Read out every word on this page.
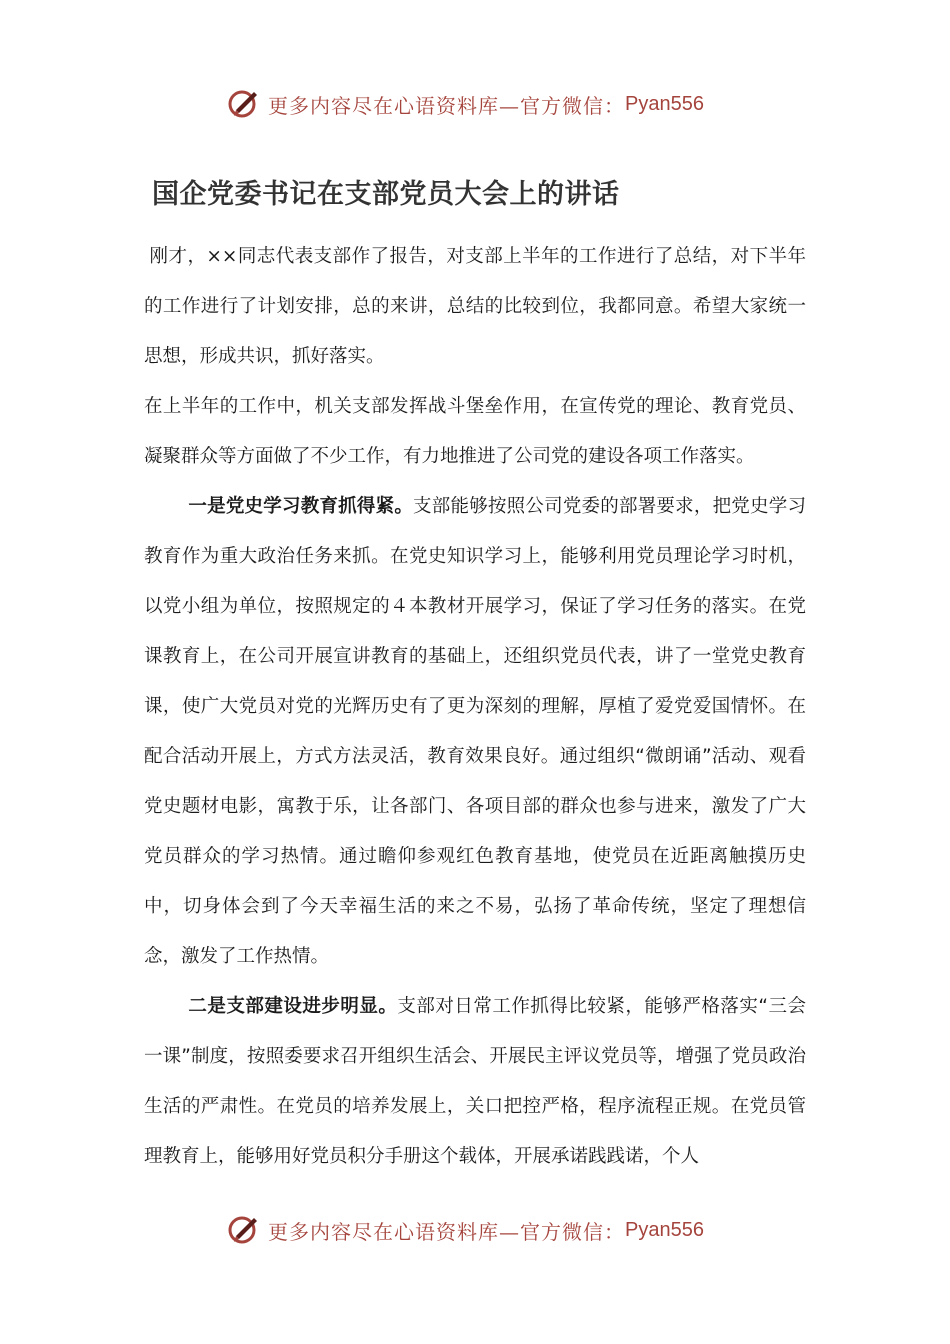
更多内容尽在心语资料库—官方微信： Pyan556
国企党委书记在支部党员大会上的讲话

刚才，××同志代表支部作了报告，对支部上半年的工作进行了总结，对下半年的工作进行了计划安排，总的来讲，总结的比较到位，我都同意。希望大家统一思想，形成共识，抓好落实。

在上半年的工作中，机关支部发挥战斗堡垒作用，在宣传党的理论、教育党员、凝聚群众等方面做了不少工作，有力地推进了公司党的建设各项工作落实。

一是党史学习教育抓得紧。支部能够按照公司党委的部署要求，把党史学习教育作为重大政治任务来抓。在党史知识学习上，能够利用党员理论学习时机，以党小组为单位，按照规定的４本教材开展学习，保证了学习任务的落实。在党课教育上，在公司开展宣讲教育的基础上，还组织党员代表，讲了一堂党史教育课，使广大党员对党的光辉历史有了更为深刻的理解，厚植了爱党爱国情怀。在配合活动开展上，方式方法灵活，教育效果良好。通过组织“微朗诵”活动、观看党史题材电影，寓教于乐，让各部门、各项目部的群众也参与进来，激发了广大党员群众的学习热情。通过瞻仰参观红色教育基地，使党员在近距离触摸历史中，切身体会到了今天幸福生活的来之不易，弘扬了革命传统，坚定了理想信念，激发了工作热情。

二是支部建设进步明显。支部对日常工作抓得比较紧，能够严格落实“三会一课”制度，按照委要求召开组织生活会、开展民主评议党员等，增强了党员政治生活的严肃性。在党员的培养发展上，关口把控严格，程序流程正规。在党员管理教育上，能够用好党员积分手册这个载体，开展承诺践践诺，个人

更多内容尽在心语资料库—官方微信： Pyan556
